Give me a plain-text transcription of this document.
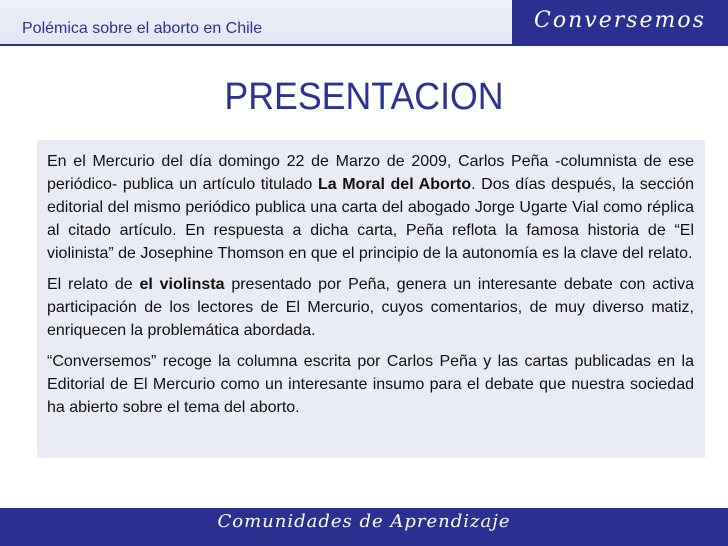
Polémica sobre el aborto en Chile	Conversemos
PRESENTACION

En el Mercurio del día domingo 22 de Marzo de 2009, Carlos Peña -columnista de ese periódico- publica un artículo titulado La Moral del Aborto. Dos días después, la sección editorial del mismo periódico publica una carta del abogado Jorge Ugarte Vial como réplica al citado artículo. En respuesta a dicha carta, Peña reflota la famosa historia de “El violinista” de Josephine Thomson en que el principio de la autonomía es la clave del relato.

El relato de el violinsta presentado por Peña, genera un interesante debate con activa participación de los lectores de El Mercurio, cuyos comentarios, de muy diverso matiz, enriquecen la problemática abordada.

“Conversemos” recoge la columna escrita por Carlos Peña y las cartas publicadas en la Editorial de El Mercurio como un interesante insumo para el debate que nuestra sociedad ha abierto sobre el tema del aborto.

Comunidades de Aprendizaje
